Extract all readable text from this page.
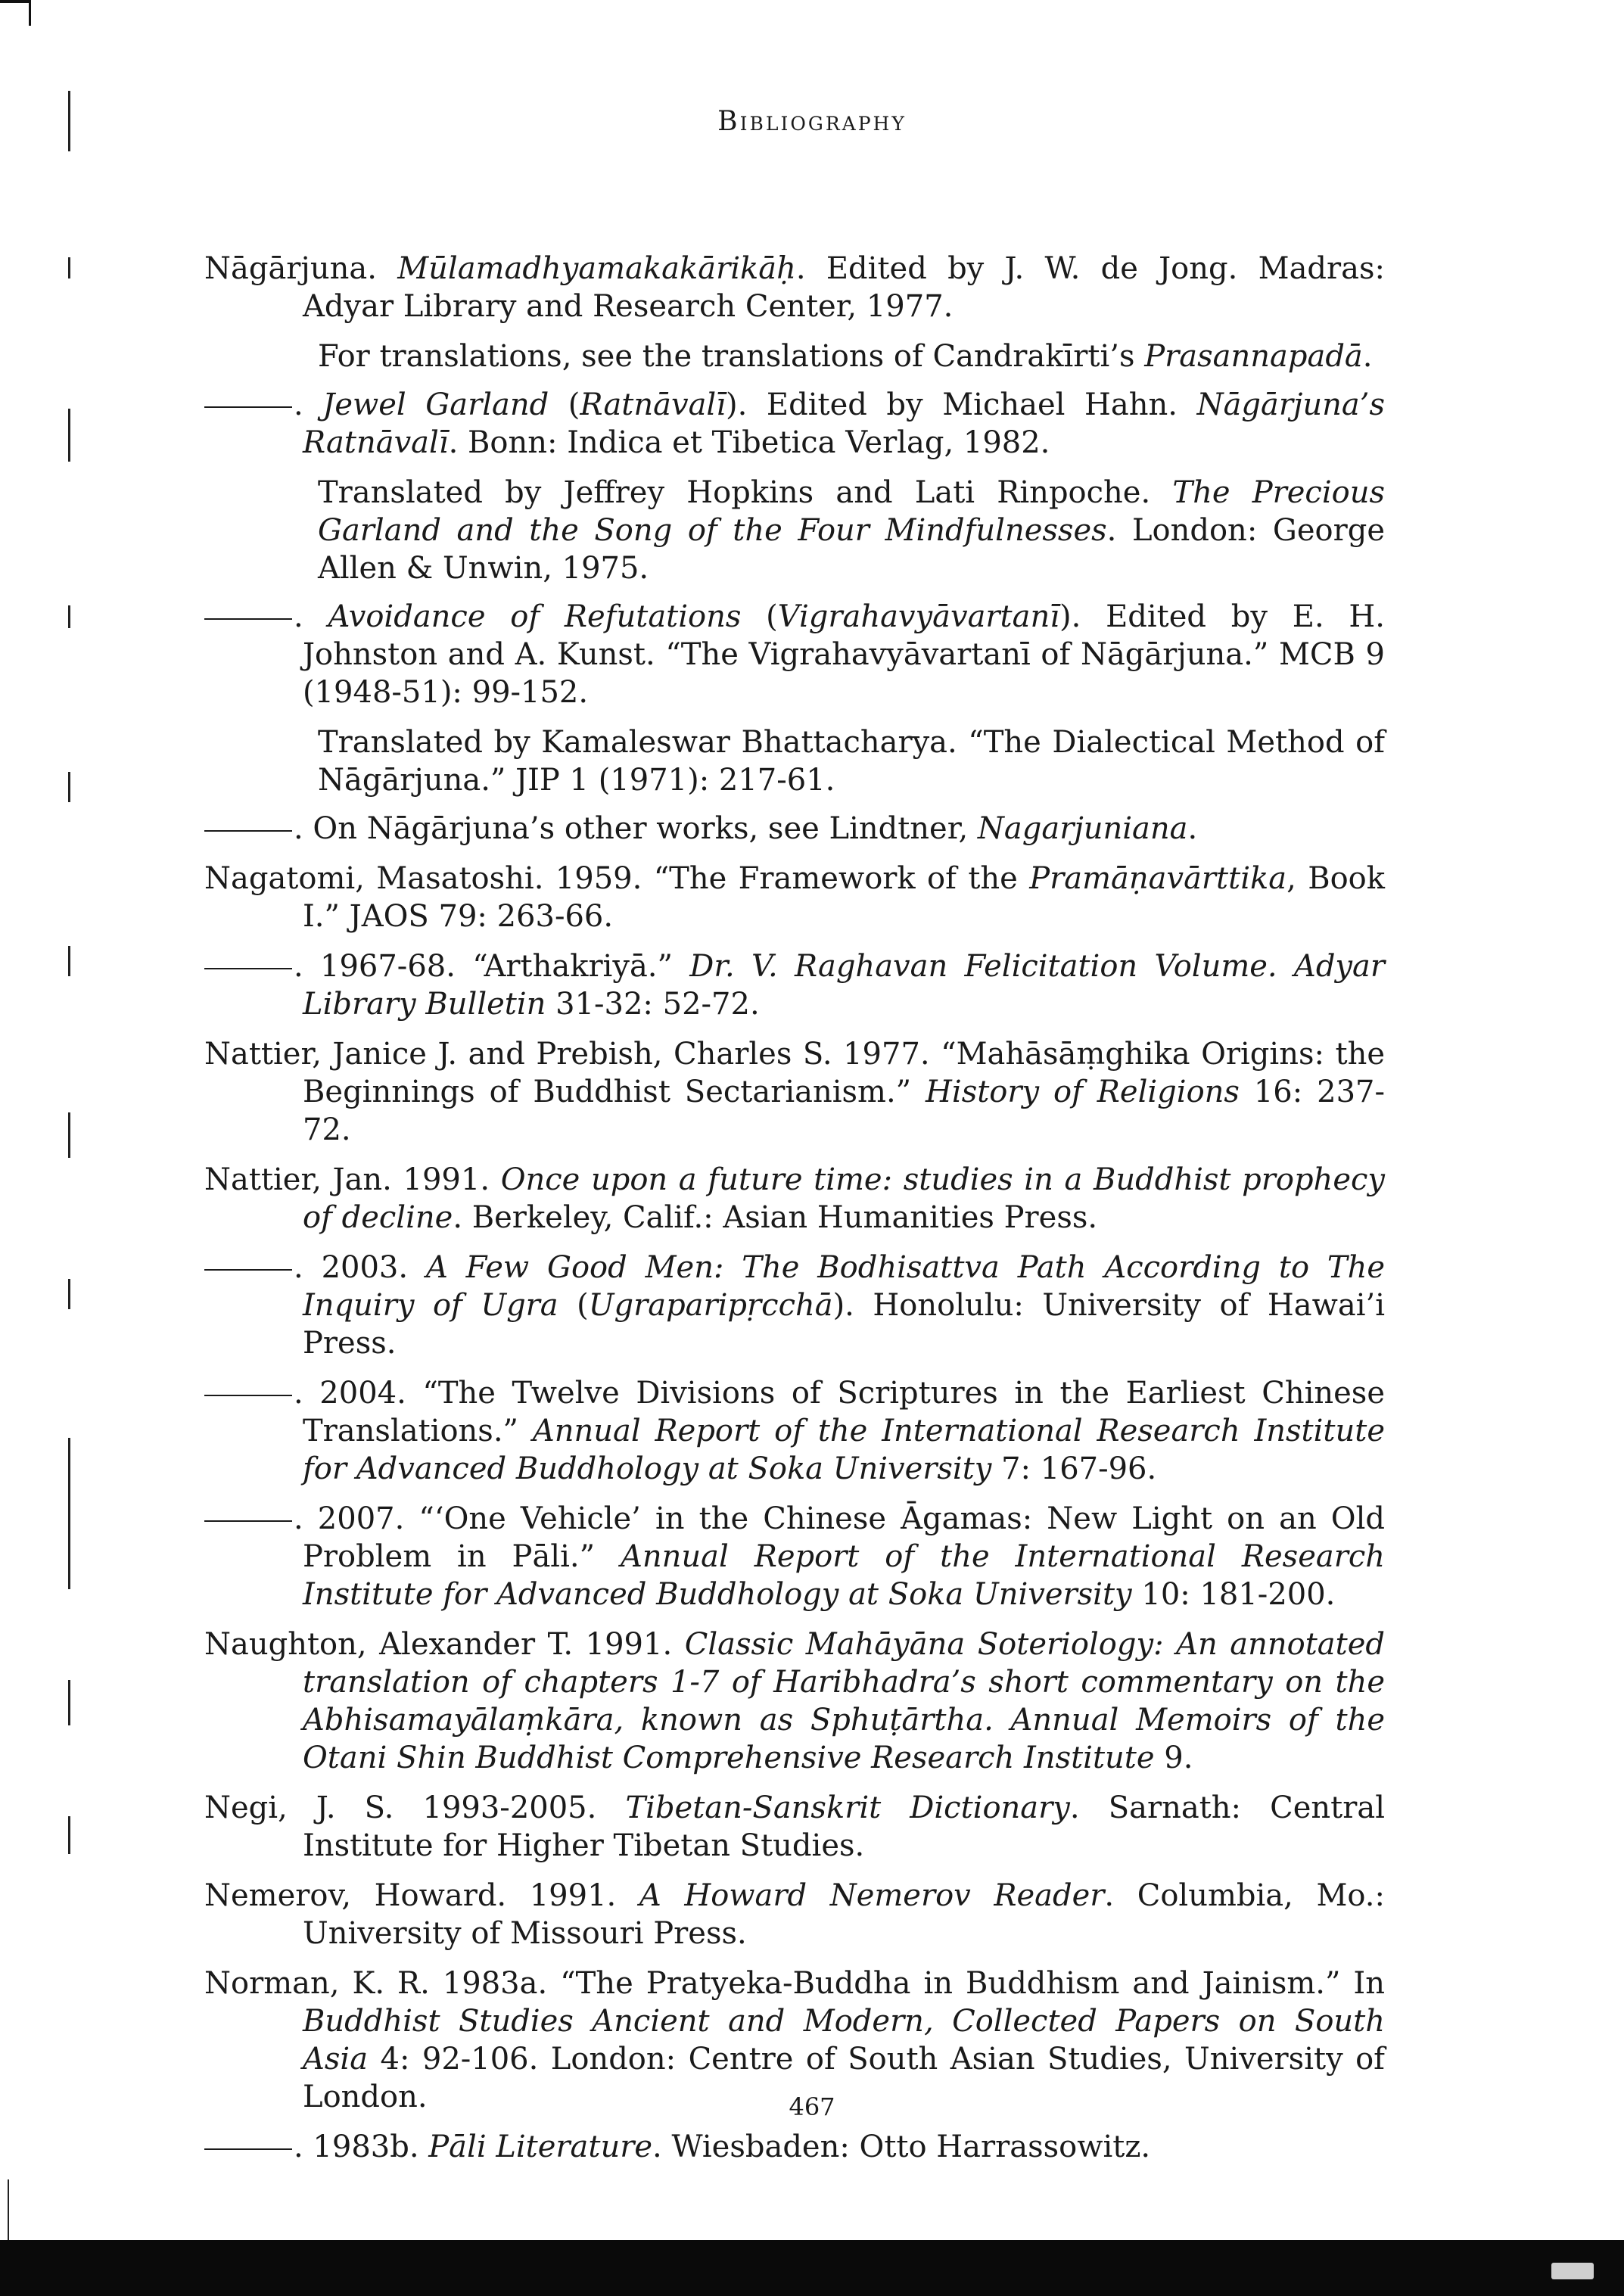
Bibliography
Nāgārjuna. Mūlamadhyamakakārikāḥ. Edited by J. W. de Jong. Madras: Adyar Library and Research Center, 1977.
For translations, see the translations of Candrakīrti’s Prasannapadā.
. Jewel Garland (Ratnāvalī). Edited by Michael Hahn. Nāgārjuna’s Ratnāvalī. Bonn: Indica et Tibetica Verlag, 1982.
Translated by Jeffrey Hopkins and Lati Rinpoche. The Precious Garland and the Song of the Four Mindfulnesses. London: George Allen & Unwin, 1975.
. Avoidance of Refutations (Vigrahavyāvartanī). Edited by E. H. Johnston and A. Kunst. “The Vigrahavyāvartanī of Nāgārjuna.” MCB 9 (1948-51): 99-152.
Translated by Kamaleswar Bhattacharya. “The Dialectical Method of Nāgārjuna.” JIP 1 (1971): 217-61.
. On Nāgārjuna’s other works, see Lindtner, Nagarjuniana.
Nagatomi, Masatoshi. 1959. “The Framework of the Pramāṇavārttika, Book I.” JAOS 79: 263-66.
. 1967-68. “Arthakriyā.” Dr. V. Raghavan Felicitation Volume. Adyar Library Bulletin 31-32: 52-72.
Nattier, Janice J. and Prebish, Charles S. 1977. “Mahāsāṃghika Origins: the Beginnings of Buddhist Sectarianism.” History of Religions 16: 237-72.
Nattier, Jan. 1991. Once upon a future time: studies in a Buddhist prophecy of decline. Berkeley, Calif.: Asian Humanities Press.
. 2003. A Few Good Men: The Bodhisattva Path According to The Inquiry of Ugra (Ugraparipṛcchā). Honolulu: University of Hawai’i Press.
. 2004. “The Twelve Divisions of Scriptures in the Earliest Chinese Translations.” Annual Report of the International Research Institute for Advanced Buddhology at Soka University 7: 167-96.
. 2007. “‘One Vehicle’ in the Chinese Āgamas: New Light on an Old Problem in Pāli.” Annual Report of the International Research Institute for Advanced Buddhology at Soka University 10: 181-200.
Naughton, Alexander T. 1991. Classic Mahāyāna Soteriology: An annotated translation of chapters 1-7 of Haribhadra’s short commentary on the Abhisamayālaṃkāra, known as Sphuṭārtha. Annual Memoirs of the Otani Shin Buddhist Comprehensive Research Institute 9.
Negi, J. S. 1993-2005. Tibetan-Sanskrit Dictionary. Sarnath: Central Institute for Higher Tibetan Studies.
Nemerov, Howard. 1991. A Howard Nemerov Reader. Columbia, Mo.: University of Missouri Press.
Norman, K. R. 1983a. “The Pratyeka-Buddha in Buddhism and Jainism.” In Buddhist Studies Ancient and Modern, Collected Papers on South Asia 4: 92-106. London: Centre of South Asian Studies, University of London.
. 1983b. Pāli Literature. Wiesbaden: Otto Harrassowitz.
467
